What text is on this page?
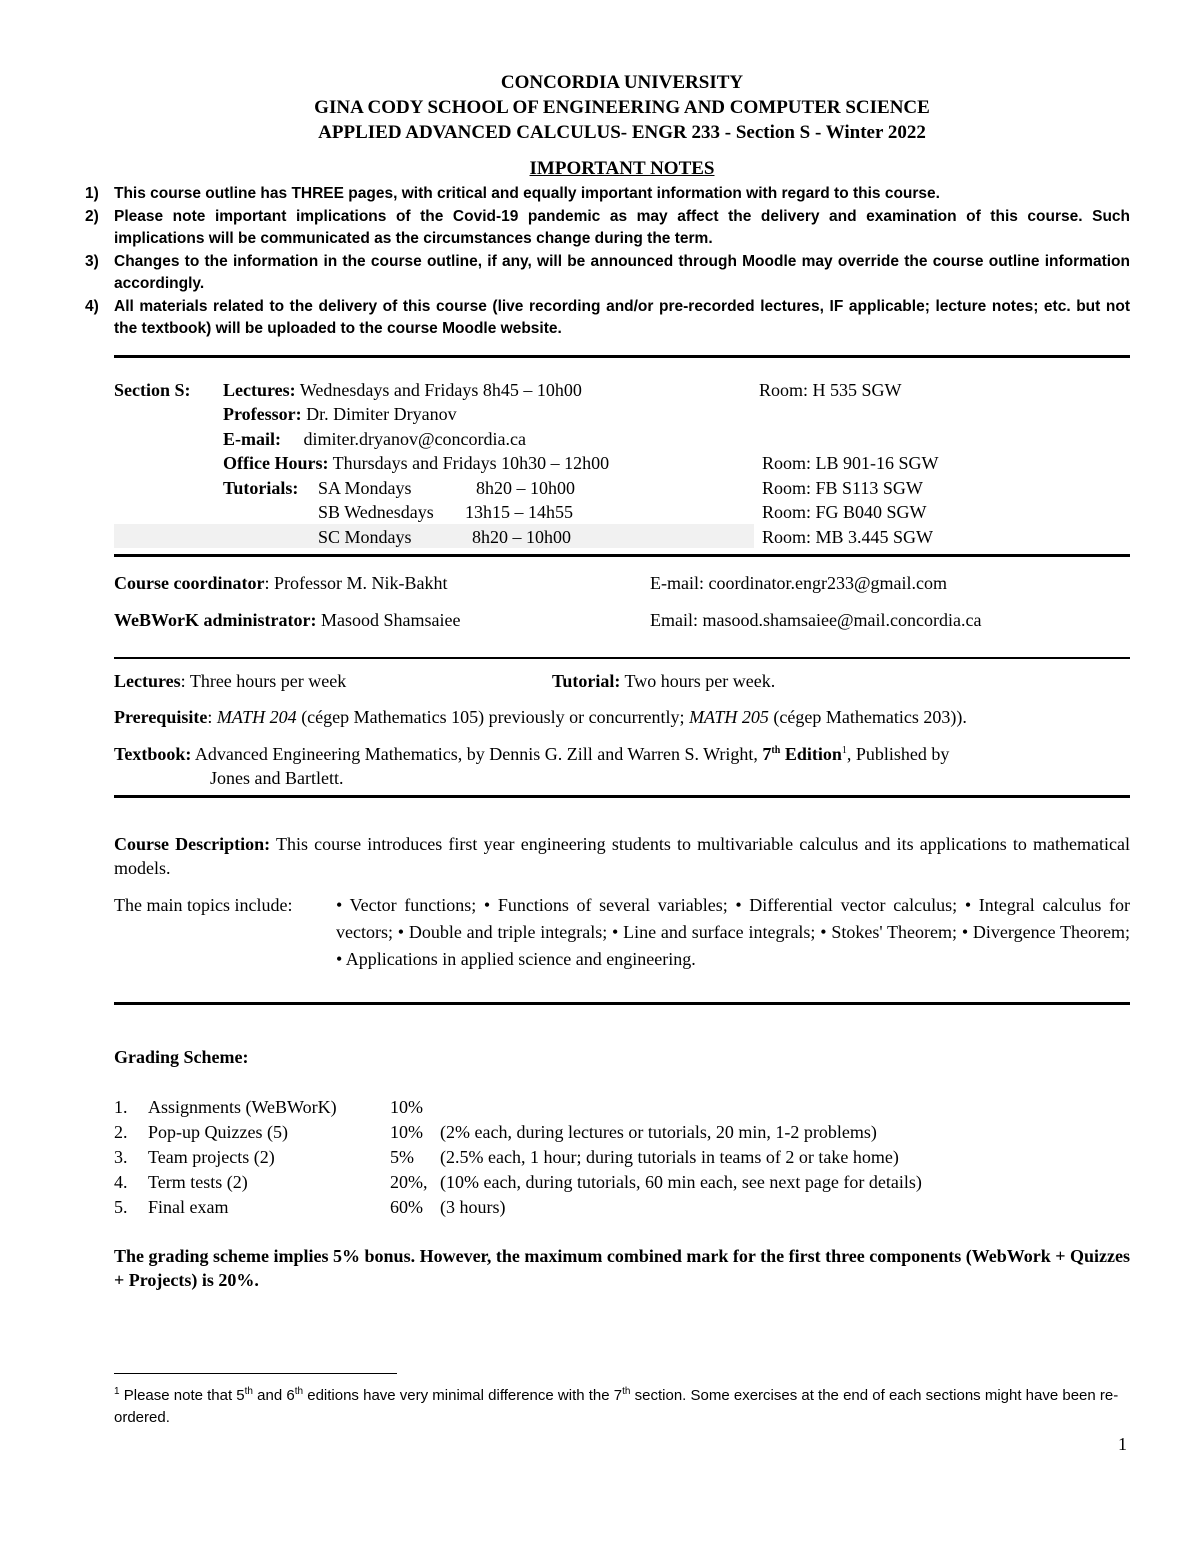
CONCORDIA UNIVERSITY
GINA CODY SCHOOL OF ENGINEERING AND COMPUTER SCIENCE
APPLIED ADVANCED CALCULUS- ENGR 233 - Section S - Winter 2022
IMPORTANT NOTES
1) This course outline has THREE pages, with critical and equally important information with regard to this course.
2) Please note important implications of the Covid-19 pandemic as may affect the delivery and examination of this course. Such implications will be communicated as the circumstances change during the term.
3) Changes to the information in the course outline, if any, will be announced through Moodle may override the course outline information accordingly.
4) All materials related to the delivery of this course (live recording and/or pre-recorded lectures, IF applicable; lecture notes; etc. but not the textbook) will be uploaded to the course Moodle website.
Section S: Lectures: Wednesdays and Fridays 8h45 – 10h00	Room: H 535 SGW
Professor: Dr. Dimiter Dryanov
E-mail: dimiter.dryanov@concordia.ca
Office Hours: Thursdays and Fridays 10h30 – 12h00	Room: LB 901-16 SGW
Tutorials: SA Mondays	8h20 – 10h00	Room: FB S113 SGW
SB Wednesdays 13h15 – 14h55	Room: FG B040 SGW
SC Mondays	8h20 – 10h00	Room: MB 3.445 SGW
Course coordinator: Professor M. Nik-Bakht	E-mail: coordinator.engr233@gmail.com
WeBWorK administrator: Masood Shamsaiee	Email: masood.shamsaiee@mail.concordia.ca
Lectures: Three hours per week	Tutorial: Two hours per week.
Prerequisite: MATH 204 (cégep Mathematics 105) previously or concurrently; MATH 205 (cégep Mathematics 203)).
Textbook: Advanced Engineering Mathematics, by Dennis G. Zill and Warren S. Wright, 7th Edition$^1$, Published by
Jones and Bartlett.
Course Description: This course introduces first year engineering students to multivariable calculus and its applications to mathematical models.
The main topics include: • Vector functions; • Functions of several variables; • Differential vector calculus; • Integral calculus for vectors; • Double and triple integrals; • Line and surface integrals; • Stokes' Theorem; • Divergence Theorem; • Applications in applied science and engineering.
Grading Scheme:
1. Assignments (WeBWorK)	10%
2. Pop-up Quizzes (5)	10% (2% each, during lectures or tutorials, 20 min, 1-2 problems)
3. Team projects (2)	5% (2.5% each, 1 hour; during tutorials in teams of 2 or take home)
4. Term tests (2)	20%, (10% each, during tutorials, 60 min each, see next page for details)
5. Final exam	60% (3 hours)
The grading scheme implies 5% bonus. However, the maximum combined mark for the first three components (WebWork + Quizzes + Projects) is 20%.
$^1$ Please note that 5th and 6th editions have very minimal difference with the 7th section. Some exercises at the end of each sections might have been re-ordered.
1
